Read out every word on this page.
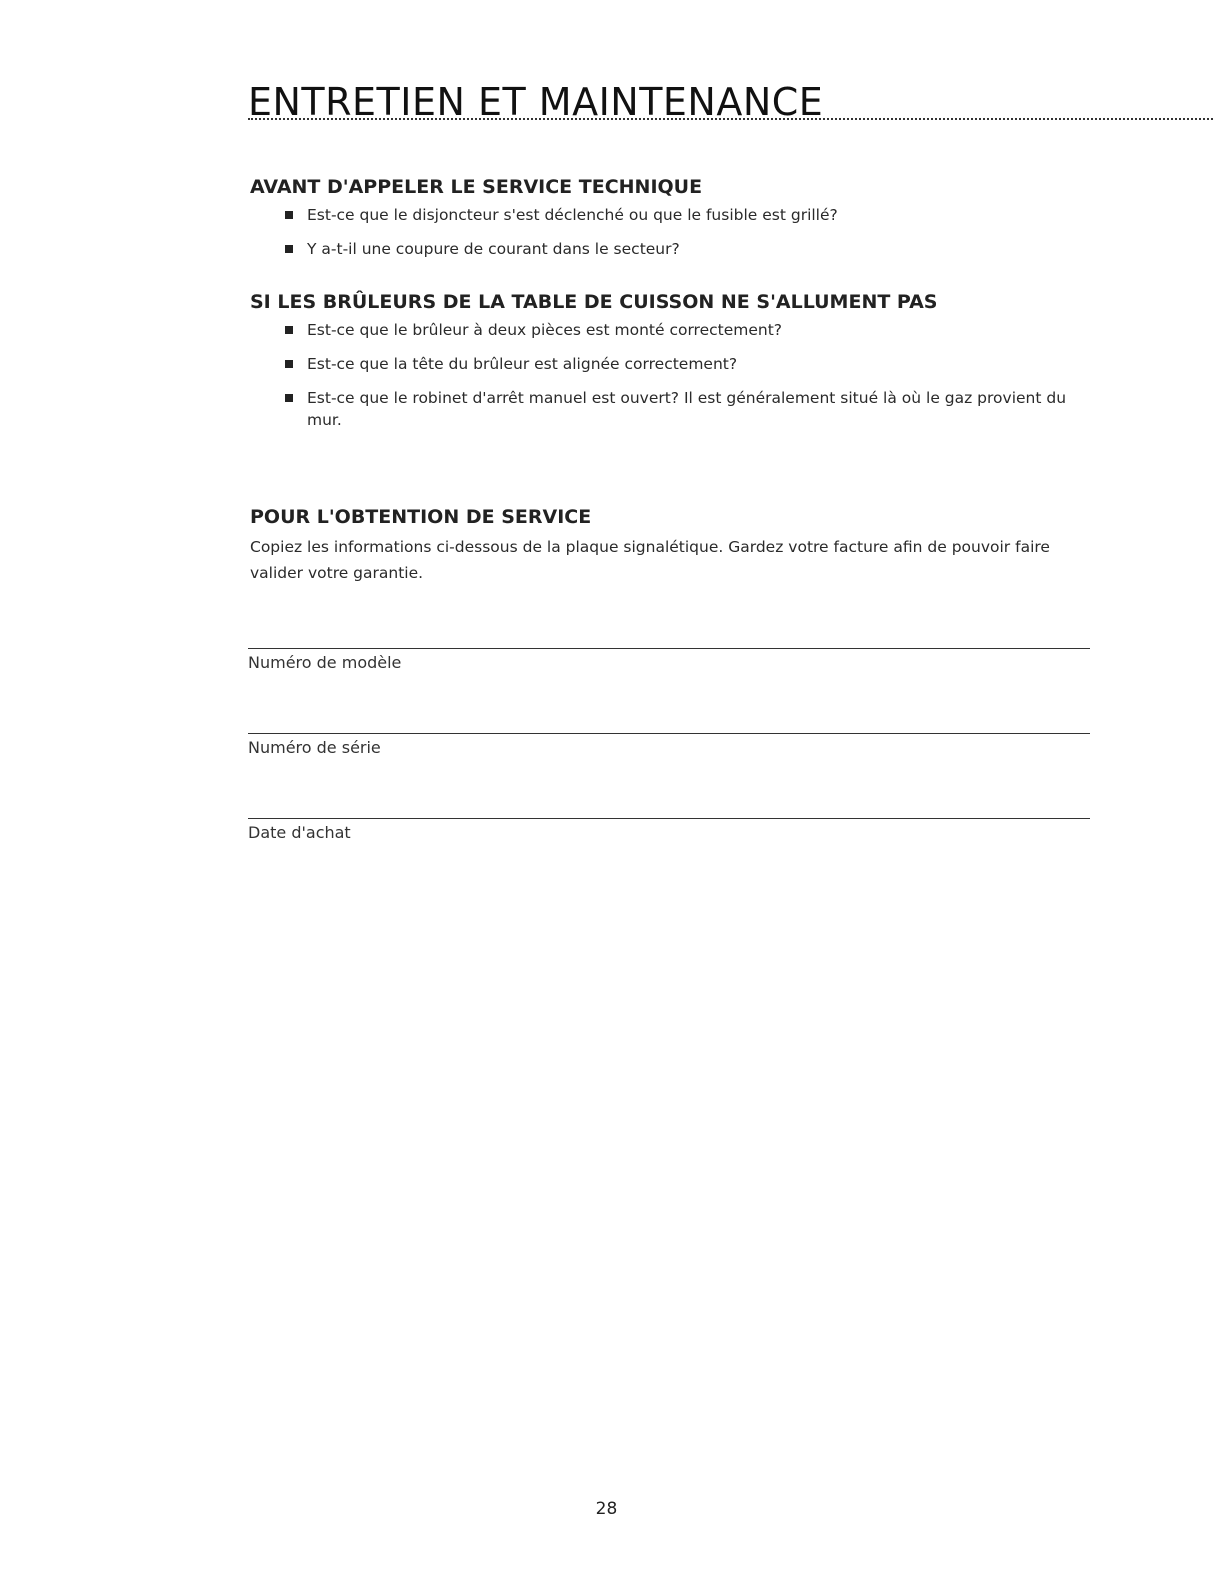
ENTRETIEN ET MAINTENANCE
AVANT D'APPELER LE SERVICE TECHNIQUE
Est-ce que le disjoncteur s'est déclenché ou que le fusible est grillé?
Y a-t-il une coupure de courant dans le secteur?
SI LES BRÛLEURS DE LA TABLE DE CUISSON NE S'ALLUMENT PAS
Est-ce que le brûleur à deux pièces est monté correctement?
Est-ce que la tête du brûleur est alignée correctement?
Est-ce que le robinet d'arrêt manuel est ouvert? Il est généralement situé là où le gaz provient du mur.
POUR L'OBTENTION DE SERVICE

Copiez les informations ci-dessous de la plaque signalétique. Gardez votre facture afin de pouvoir faire valider votre garantie.

Numéro de modèle
Numéro de série
Date d'achat
28
